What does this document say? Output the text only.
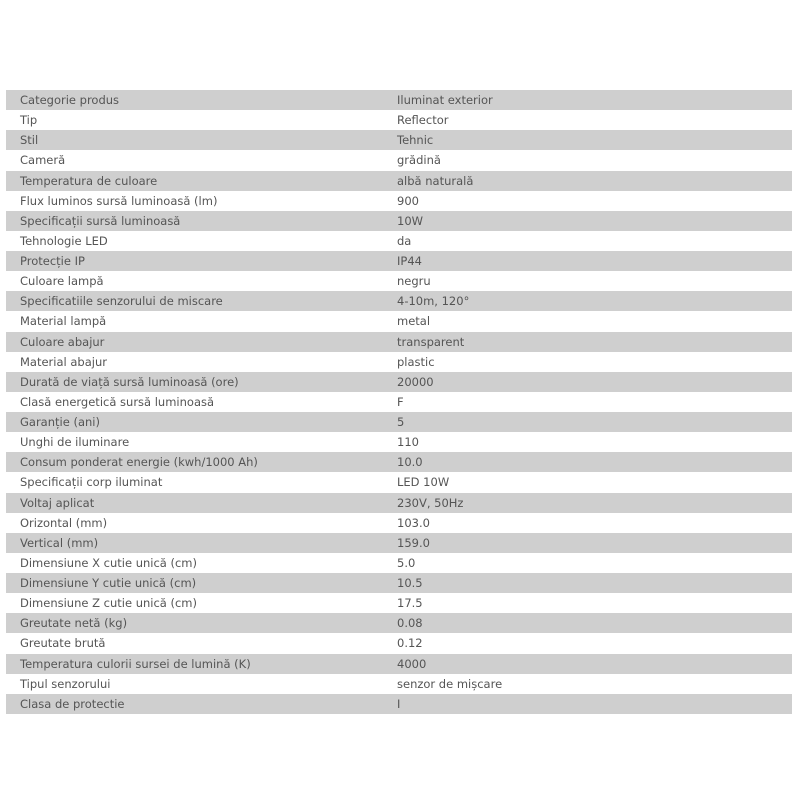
Categorie produs	Iluminat exterior
Tip	Reflector
Stil	Tehnic
Cameră	grădină
Temperatura de culoare	albă naturală
Flux luminos sursă luminoasă (lm)	900
Specificații sursă luminoasă	10W
Tehnologie LED	da
Protecție IP	IP44
Culoare lampă	negru
Specificatiile senzorului de miscare	4-10m, 120°
Material lampă	metal
Culoare abajur	transparent
Material abajur	plastic
Durată de viață sursă luminoasă (ore)	20000
Clasă energetică sursă luminoasă	F
Garanție (ani)	5
Unghi de iluminare	110
Consum ponderat energie (kwh/1000 Ah)	10.0
Specificații corp iluminat	LED 10W
Voltaj aplicat	230V, 50Hz
Orizontal (mm)	103.0
Vertical (mm)	159.0
Dimensiune X cutie unică (cm)	5.0
Dimensiune Y cutie unică (cm)	10.5
Dimensiune Z cutie unică (cm)	17.5
Greutate netă (kg)	0.08
Greutate brută	0.12
Temperatura culorii sursei de lumină (K)	4000
Tipul senzorului	senzor de mișcare
Clasa de protectie	I
